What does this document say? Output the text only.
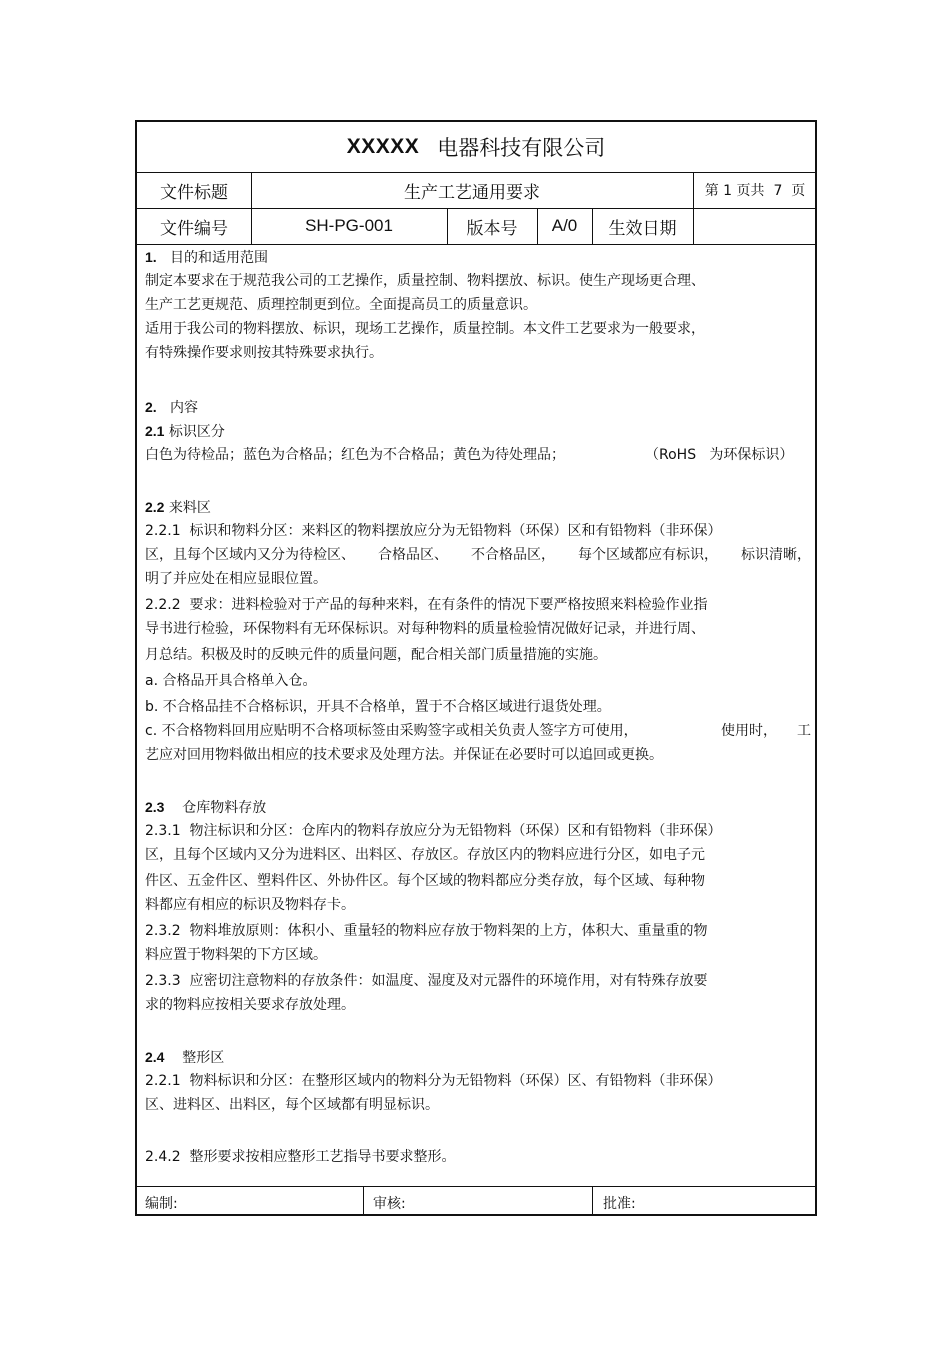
XXXXX 电器科技有限公司
文件标题	生产工艺通用要求	第 1 页共  7  页
文件编号	SH-PG-001	版本号	A/0	生效日期
1. 目的和适用范围
制定本要求在于规范我公司的工艺操作，质量控制、物料摆放、标识。使生产现场更合理、
生产工艺更规范、质理控制更到位。全面提高员工的质量意识。
适用于我公司的物料摆放、标识，现场工艺操作，质量控制。本文件工艺要求为一般要求，
有特殊操作要求则按其特殊要求执行。
2. 内容
2.1 标识区分
白色为待检品；蓝色为合格品；红色为不合格品；黄色为待处理品；	（RoHS   为环保标识）
2.2 来料区
2.2.1  标识和物料分区：来料区的物料摆放应分为无铅物料（环保）区和有铅物料（非环保）
区，且每个区域内又分为待检区、 合格品区、 不合格品区， 每个区域都应有标识， 标识清晰，
明了并应处在相应显眼位置。
2.2.2  要求：进料检验对于产品的每种来料，在有条件的情况下要严格按照来料检验作业指
导书进行检验，环保物料有无环保标识。对每种物料的质量检验情况做好记录，并进行周、
月总结。积极及时的反映元件的质量问题，配合相关部门质量措施的实施。
a. 合格品开具合格单入仓。
b. 不合格品挂不合格标识，开具不合格单，置于不合格区域进行退货处理。
c. 不合格物料回用应贴明不合格项标签由采购签字或相关负责人签字方可使用，	使用时， 工
艺应对回用物料做出相应的技术要求及处理方法。并保证在必要时可以追回或更换。
2.3 仓库物料存放
2.3.1  物注标识和分区：仓库内的物料存放应分为无铅物料（环保）区和有铅物料（非环保）
区，且每个区域内又分为进料区、出料区、存放区。存放区内的物料应进行分区，如电子元
件区、五金件区、塑料件区、外协件区。每个区域的物料都应分类存放，每个区域、每种物
料都应有相应的标识及物料存卡。
2.3.2  物料堆放原则：体积小、重量轻的物料应存放于物料架的上方，体积大、重量重的物
料应置于物料架的下方区域。
2.3.3  应密切注意物料的存放条件：如温度、湿度及对元器件的环境作用，对有特殊存放要
求的物料应按相关要求存放处理。
2.4 整形区
2.2.1  物料标识和分区：在整形区域内的物料分为无铅物料（环保）区、有铅物料（非环保）
区、进料区、出料区，每个区域都有明显标识。
2.4.2  整形要求按相应整形工艺指导书要求整形。
编制:	审核:	批准:
